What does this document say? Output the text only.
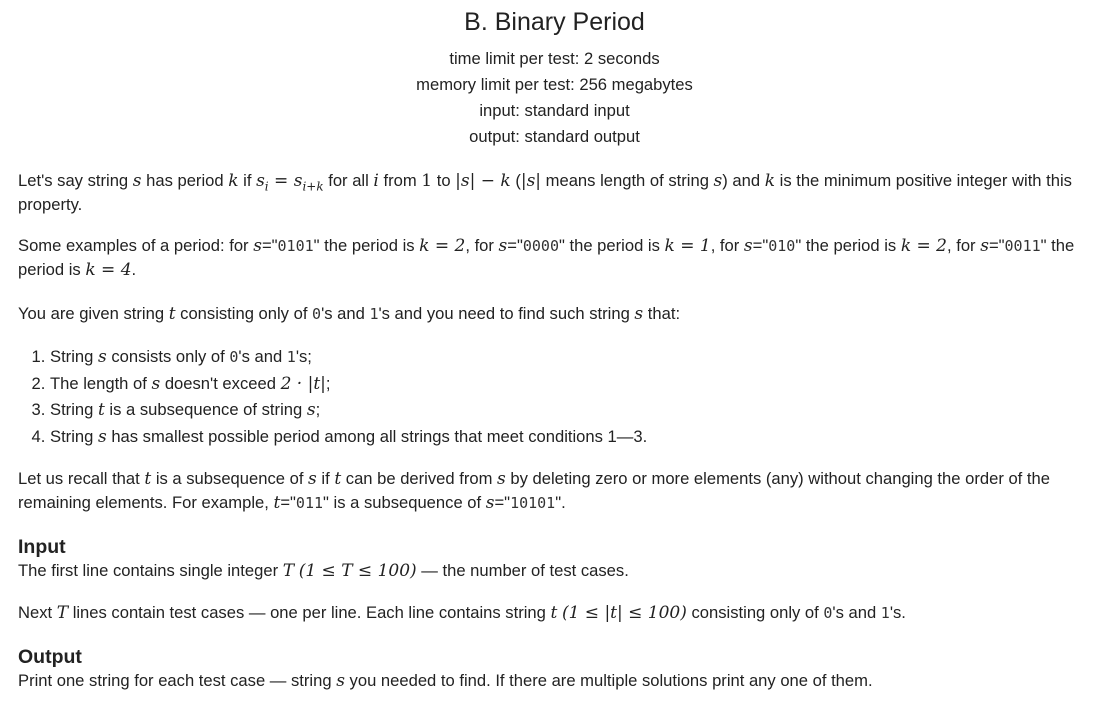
B. Binary Period
time limit per test: 2 seconds
memory limit per test: 256 megabytes
input: standard input
output: standard output

Let's say string s has period k if $s_i = s_{i+k}$ for all i from 1 to |s| − k (|s| means length of string s) and k is the minimum positive integer with this property.

Some examples of a period: for s="0101" the period is k = 2, for s="0000" the period is k = 1, for s="010" the period is k = 2, for s="0011" the period is k = 4.

You are given string t consisting only of 0's and 1's and you need to find such string s that:

1. String s consists only of 0's and 1's;
2. The length of s doesn't exceed 2 · |t|;
3. String t is a subsequence of string s;
4. String s has smallest possible period among all strings that meet conditions 1—3.

Let us recall that t is a subsequence of s if t can be derived from s by deleting zero or more elements (any) without changing the order of the remaining elements. For example, t="011" is a subsequence of s="10101".

Input

The first line contains single integer T (1 ≤ T ≤ 100) — the number of test cases.

Next T lines contain test cases — one per line. Each line contains string t (1 ≤ |t| ≤ 100) consisting only of 0's and 1's.

Output

Print one string for each test case — string s you needed to find. If there are multiple solutions print any one of them.
